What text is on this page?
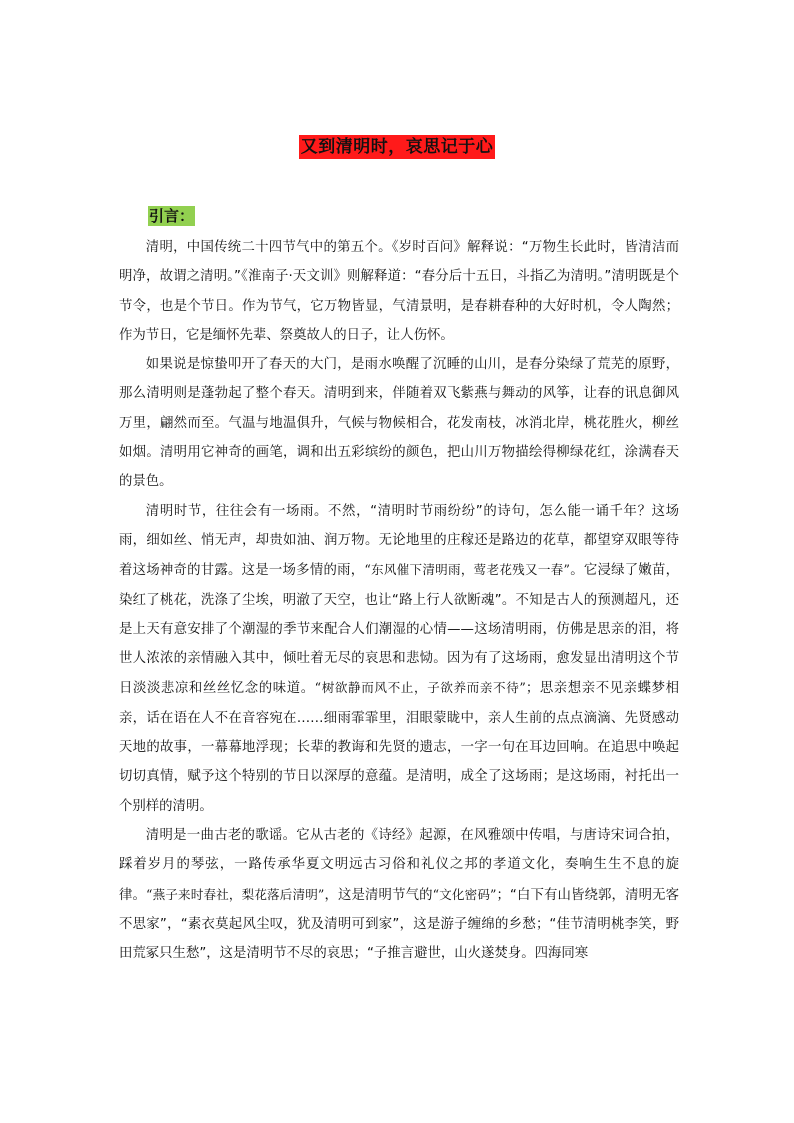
又到清明时，哀思记于心
引言：

清明，中国传统二十四节气中的第五个。《岁时百问》解释说：“万物生长此时，皆清洁而明净，故谓之清明。”《淮南子·天文训》则解释道：“春分后十五日，斗指乙为清明。”清明既是个节令，也是个节日。作为节气，它万物皆显，气清景明，是春耕春种的大好时机，令人陶然；作为节日，它是缅怀先辈、祭奠故人的日子，让人伤怀。

如果说是惊蛰叩开了春天的大门，是雨水唤醒了沉睡的山川，是春分染绿了荒芜的原野，那么清明则是蓬勃起了整个春天。清明到来，伴随着双飞紫燕与舞动的风筝，让春的讯息御风万里，翩然而至。气温与地温俱升，气候与物候相合，花发南枝，冰消北岸，桃花胜火，柳丝如烟。清明用它神奇的画笔，调和出五彩缤纷的颜色，把山川万物描绘得柳绿花红，涂满春天的景色。

清明时节，往往会有一场雨。不然，“清明时节雨纷纷”的诗句，怎么能一诵千年？这场雨，细如丝、悄无声，却贵如油、润万物。无论地里的庄稼还是路边的花草，都望穿双眼等待着这场神奇的甘露。这是一场多情的雨，“东风催下清明雨，莺老花残又一春”。它浸绿了嫩苗，染红了桃花，洗涤了尘埃，明澈了天空，也让“路上行人欲断魂”。不知是古人的预测超凡，还是上天有意安排了个潮湿的季节来配合人们潮湿的心情——这场清明雨，仿佛是思亲的泪，将世人浓浓的亲情融入其中，倾吐着无尽的哀思和悲恸。因为有了这场雨，愈发显出清明这个节日淡淡悲凉和丝丝忆念的味道。“树欲静而风不止，子欲养而亲不待”；思亲想亲不见亲蝶梦相亲，话在语在人不在音容宛在……细雨霏霏里，泪眼蒙眬中，亲人生前的点点滴滴、先贤感动天地的故事，一幕幕地浮现；长辈的教诲和先贤的遗志，一字一句在耳边回响。在追思中唤起切切真情，赋予这个特别的节日以深厚的意蕴。是清明，成全了这场雨；是这场雨，衬托出一个别样的清明。

清明是一曲古老的歌谣。它从古老的《诗经》起源，在风雅颂中传唱，与唐诗宋词合拍，踩着岁月的琴弦，一路传承华夏文明远古习俗和礼仪之邦的孝道文化，奏响生生不息的旋律。“燕子来时春社，梨花落后清明”，这是清明节气的“文化密码”；“白下有山皆绕郭，清明无客不思家”，“素衣莫起风尘叹，犹及清明可到家”，这是游子缠绵的乡愁；“佳节清明桃李笑，野田荒冢只生愁”，这是清明节不尽的哀思；“子推言避世，山火遂焚身。四海同寒
